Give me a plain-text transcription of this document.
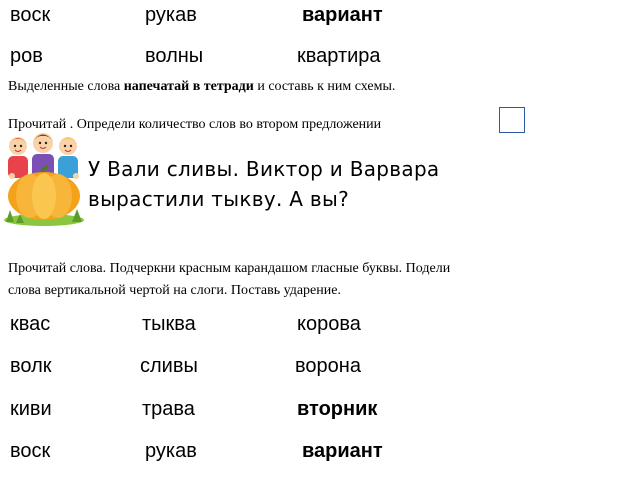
воск	рукав	вариант
ров	волны	квартира
Выделенные слова напечатай в тетради и составь к ним схемы.
Прочитай . Определи количество слов во втором предложении
У Вали сливы. Виктор и Варвара
вырастили тыкву. А вы?
Прочитай слова. Подчеркни красным карандашом гласные буквы. Подели
слова вертикальной чертой на слоги. Поставь ударение.
квас	тыква	корова
волк	сливы	ворона
киви	трава	вторник
воск	рукав	вариант
